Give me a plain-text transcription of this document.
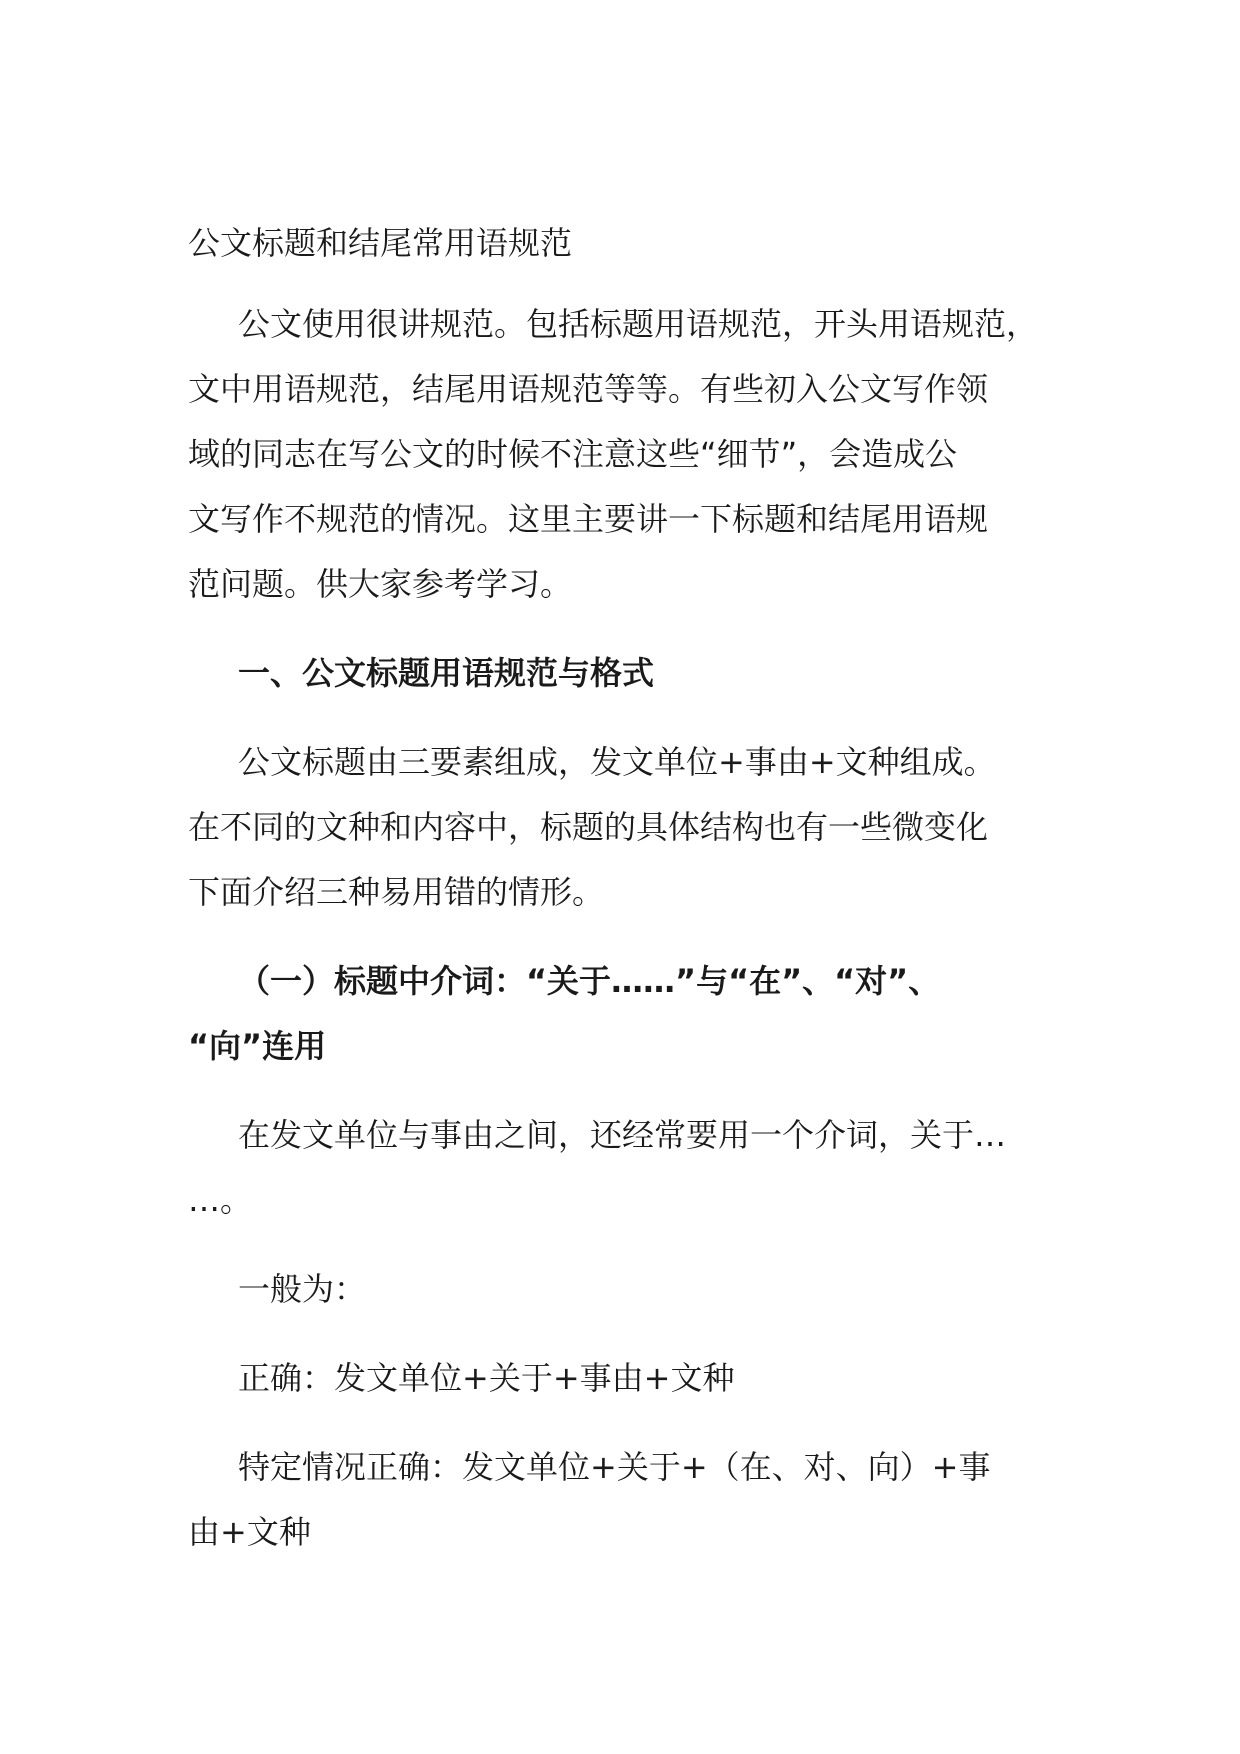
公文标题和结尾常用语规范
公文使用很讲规范。包括标题用语规范，开头用语规范，
文中用语规范，结尾用语规范等等。有些初入公文写作领
域的同志在写公文的时候不注意这些“细节”，会造成公
文写作不规范的情况。这里主要讲一下标题和结尾用语规
范问题。供大家参考学习。
一、公文标题用语规范与格式
公文标题由三要素组成，发文单位+事由+文种组成。
在不同的文种和内容中，标题的具体结构也有一些微变化
下面介绍三种易用错的情形。
（一）标题中介词：“关于……”与“在”、“对”、
“向”连用
在发文单位与事由之间，还经常要用一个介词，关于…
…。
一般为：
正确：发文单位+关于+事由+文种
特定情况正确：发文单位+关于+（在、对、向）+事
由+文种
